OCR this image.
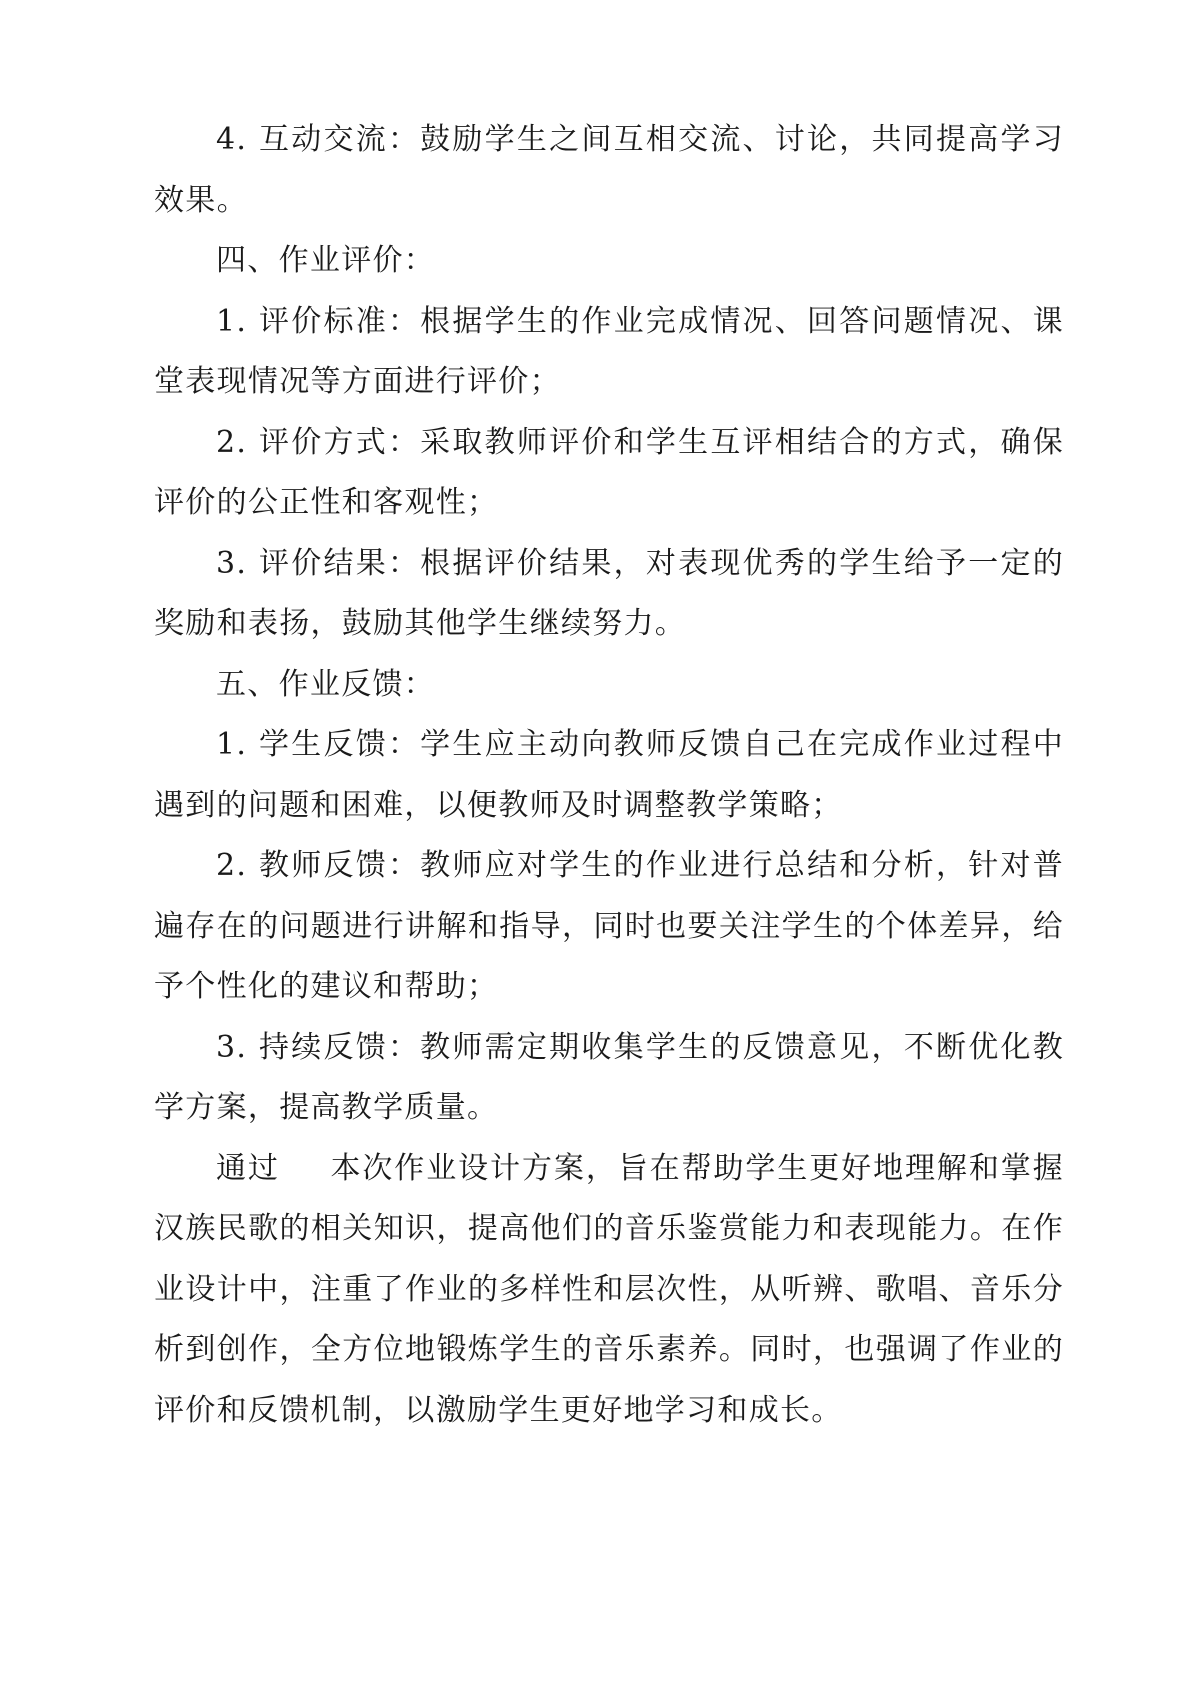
4. 互动交流：鼓励学生之间互相交流、讨论，共同提高学习效果。

四、作业评价：

1. 评价标准：根据学生的作业完成情况、回答问题情况、课堂表现情况等方面进行评价；

2. 评价方式：采取教师评价和学生互评相结合的方式，确保评价的公正性和客观性；

3. 评价结果：根据评价结果，对表现优秀的学生给予一定的奖励和表扬，鼓励其他学生继续努力。

五、作业反馈：

1. 学生反馈：学生应主动向教师反馈自己在完成作业过程中遇到的问题和困难，以便教师及时调整教学策略；

2. 教师反馈：教师应对学生的作业进行总结和分析，针对普遍存在的问题进行讲解和指导，同时也要关注学生的个体差异，给予个性化的建议和帮助；

3. 持续反馈：教师需定期收集学生的反馈意见，不断优化教学方案，提高教学质量。

通过 本次作业设计方案，旨在帮助学生更好地理解和掌握汉族民歌的相关知识，提高他们的音乐鉴赏能力和表现能力。在作业设计中，注重了作业的多样性和层次性，从听辨、歌唱、音乐分析到创作，全方位地锻炼学生的音乐素养。同时，也强调了作业的评价和反馈机制，以激励学生更好地学习和成长。
